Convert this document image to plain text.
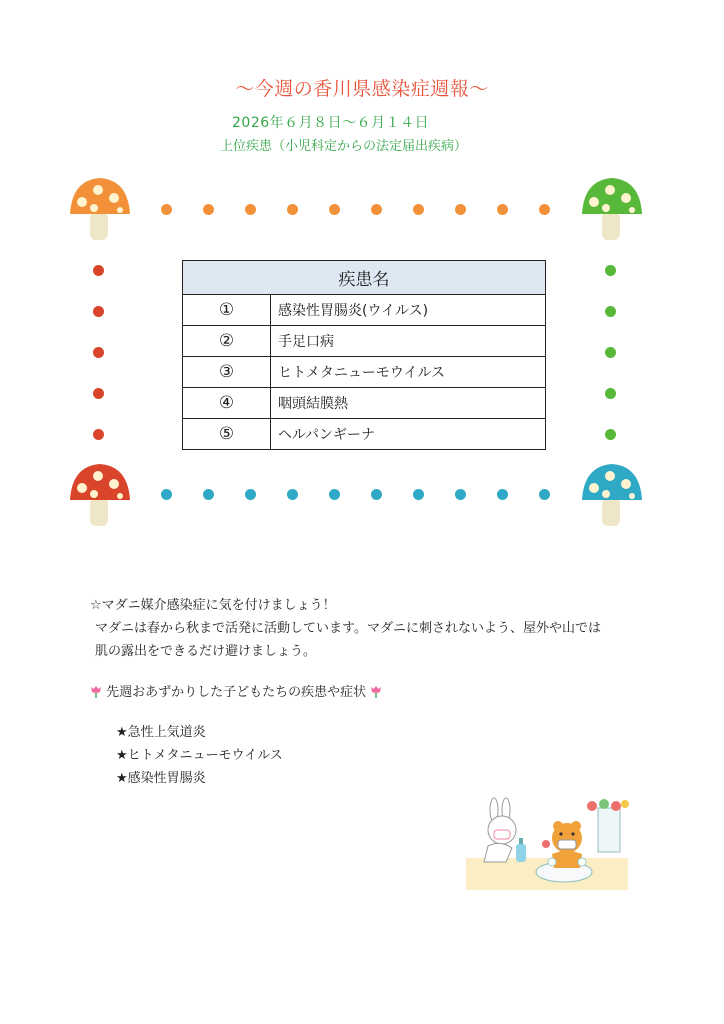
～今週の香川県感染症週報～
2026年６月８日～６月１４日
上位疾患（小児科定からの法定届出疾病）
疾患名	
①	感染性胃腸炎(ウイルス)
②	手足口病
③	ヒトメタニューモウイルス
④	咽頭結膜熱
⑤	ヘルパンギーナ
☆マダニ媒介感染症に気を付けましょう！
マダニは春から秋まで活発に活動しています。マダニに刺されないよう、屋外や山では
肌の露出をできるだけ避けましょう。
先週おあずかりした子どもたちの疾患や症状
★急性上気道炎
★ヒトメタニューモウイルス
★感染性胃腸炎
